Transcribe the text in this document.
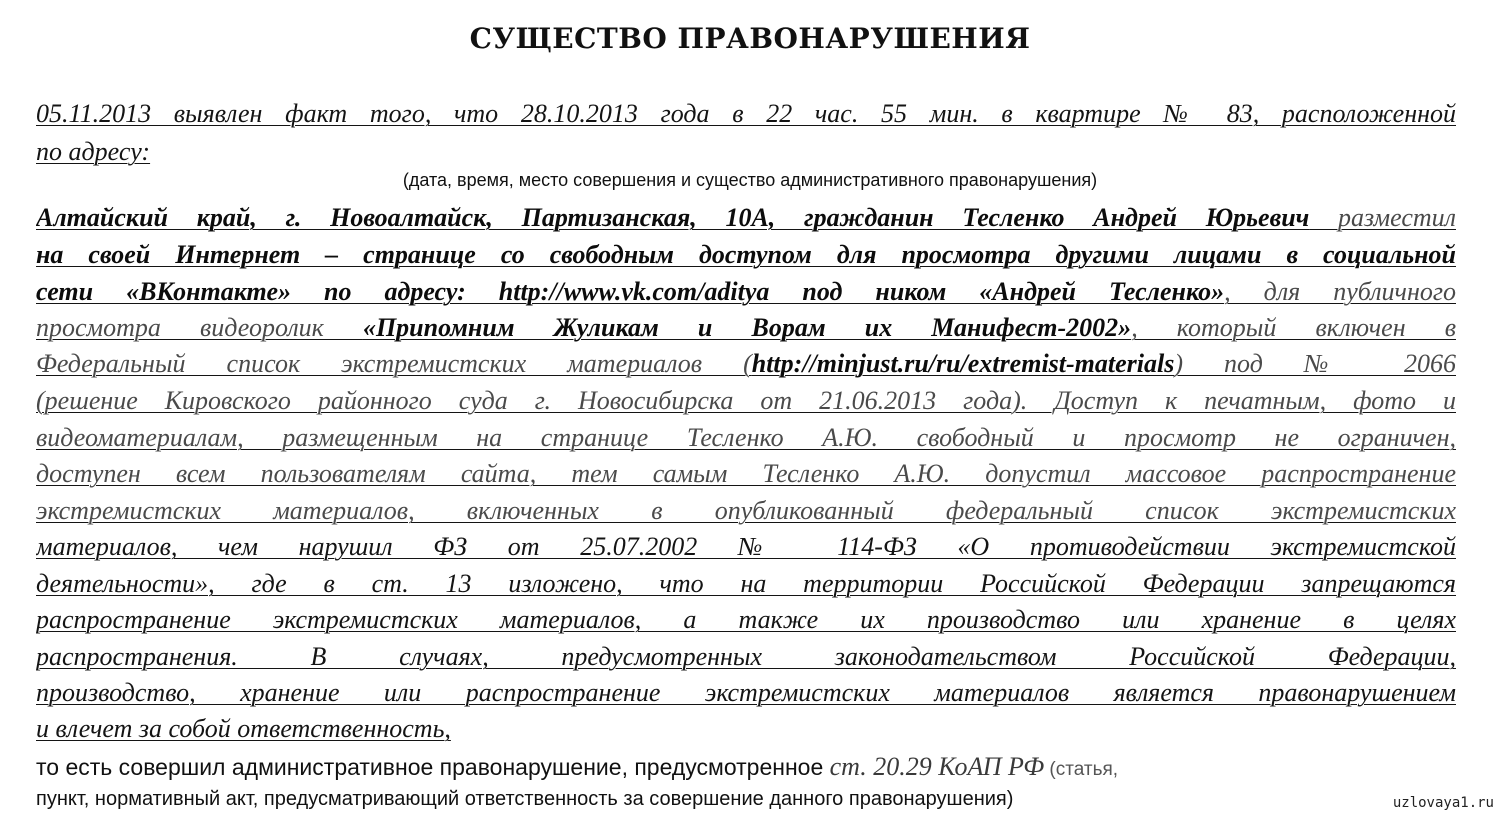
СУЩЕСТВО ПРАВОНАРУШЕНИЯ
05.11.2013 выявлен факт того, что 28.10.2013 года в 22 час. 55 мин. в квартире № 83, расположенной
по адресу:
(дата, время, место совершения и существо административного правонарушения)
Алтайский край, г. Новоалтайск, Партизанская, 10А, гражданин Тесленко Андрей Юрьевич разместил
на своей Интернет – странице со свободным доступом для просмотра другими лицами в социальной
сети «ВКонтакте» по адресу: http://www.vk.com/aditya под ником «Андрей Тесленко», для публичного
просмотра видеоролик «Припомним Жуликам и Ворам их Манифест-2002», который включен в
Федеральный список экстремистских материалов (http://minjust.ru/ru/extremist-materials) под № 2066
(решение Кировского районного суда г. Новосибирска от 21.06.2013 года). Доступ к печатным, фото и
видеоматериалам, размещенным на странице Тесленко А.Ю. свободный и просмотр не ограничен,
доступен всем пользователям сайта, тем самым Тесленко А.Ю. допустил массовое распространение
экстремистских материалов, включенных в опубликованный федеральный список экстремистских
материалов, чем нарушил ФЗ от 25.07.2002 № 114-ФЗ «О противодействии экстремистской
деятельности», где в ст. 13 изложено, что на территории Российской Федерации запрещаются
распространение экстремистских материалов, а также их производство или хранение в целях
распространения. В случаях, предусмотренных законодательством Российской Федерации,
производство, хранение или распространение экстремистских материалов является правонарушением
и влечет за собой ответственность,
то есть совершил административное правонарушение, предусмотренное ст. 20.29 КоАП РФ (статья,
пункт, нормативный акт, предусматривающий ответственность за совершение данного правонарушения)	uzlovaya1.ru
